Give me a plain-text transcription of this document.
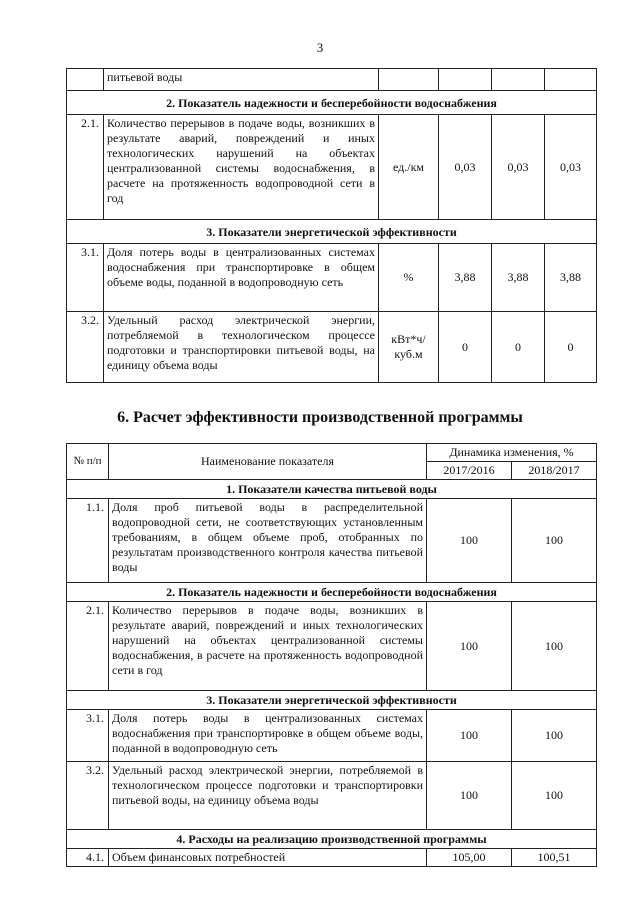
3
	питьевой воды				
2. Показатель надежности и бесперебойности водоснабжения					
2.1.	Количество перерывов в подаче воды, возникших в результате аварий, повреждений и иных технологических нарушений на объектах централизованной системы водоснабжения, в расчете на протяженность водопроводной сети в год	ед./км	0,03	0,03	0,03
3. Показатели энергетической эффективности					
3.1.	Доля потерь воды в централизованных системах водоснабжения при транспортировке в общем объеме воды, поданной в водопроводную сеть	%	3,88	3,88	3,88
3.2.	Удельный расход электрической энергии, потребляемой в технологическом процессе подготовки и транспортировки питьевой воды, на единицу объема воды	кВт*ч/ куб.м	0	0	0
6. Расчет эффективности производственной программы
№ п/п	Наименование показателя	Динамика изменения, %	
		2017/2016	2018/2017
1. Показатели качества питьевой воды			
1.1.	Доля проб питьевой воды в распределительной водопроводной сети, не соответствующих установленным требованиям, в общем объеме проб, отобранных по результатам производственного контроля качества питьевой воды	100	100
2. Показатель надежности и бесперебойности водоснабжения			
2.1.	Количество перерывов в подаче воды, возникших в результате аварий, повреждений и иных технологических нарушений на объектах централизованной системы водоснабжения, в расчете на протяженность водопроводной сети в год	100	100
3. Показатели энергетической эффективности			
3.1.	Доля потерь воды в централизованных системах водоснабжения при транспортировке в общем объеме воды, поданной в водопроводную сеть	100	100
3.2.	Удельный расход электрической энергии, потребляемой в технологическом процессе подготовки и транспортировки питьевой воды, на единицу объема воды	100	100
4. Расходы на реализацию производственной программы			
4.1.	Объем финансовых потребностей	105,00	100,51
